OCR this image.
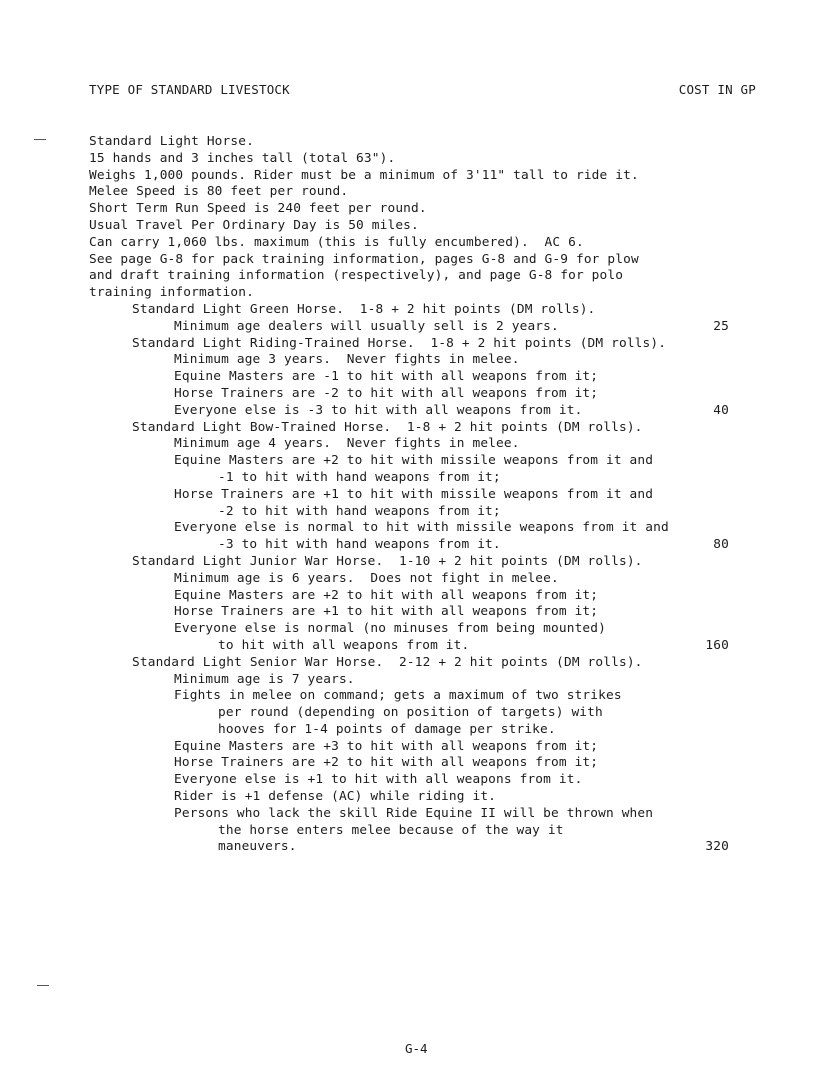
TYPE OF STANDARD LIVESTOCK	COST IN GP
Standard Light Horse.
15 hands and 3 inches tall (total 63").
Weighs 1,000 pounds. Rider must be a minimum of 3'11" tall to ride it.
Melee Speed is 80 feet per round.
Short Term Run Speed is 240 feet per round.
Usual Travel Per Ordinary Day is 50 miles.
Can carry 1,060 lbs. maximum (this is fully encumbered).  AC 6.
See page G-8 for pack training information, pages G-8 and G-9 for plow
and draft training information (respectively), and page G-8 for polo
training information.
Standard Light Green Horse.  1-8 + 2 hit points (DM rolls).
Minimum age dealers will usually sell is 2 years.	25
Standard Light Riding-Trained Horse.  1-8 + 2 hit points (DM rolls).
Minimum age 3 years.  Never fights in melee.
Equine Masters are -1 to hit with all weapons from it;
Horse Trainers are -2 to hit with all weapons from it;
Everyone else is -3 to hit with all weapons from it.	40
Standard Light Bow-Trained Horse.  1-8 + 2 hit points (DM rolls).
Minimum age 4 years.  Never fights in melee.
Equine Masters are +2 to hit with missile weapons from it and
-1 to hit with hand weapons from it;
Horse Trainers are +1 to hit with missile weapons from it and
-2 to hit with hand weapons from it;
Everyone else is normal to hit with missile weapons from it and
-3 to hit with hand weapons from it.	80
Standard Light Junior War Horse.  1-10 + 2 hit points (DM rolls).
Minimum age is 6 years.  Does not fight in melee.
Equine Masters are +2 to hit with all weapons from it;
Horse Trainers are +1 to hit with all weapons from it;
Everyone else is normal (no minuses from being mounted)
to hit with all weapons from it.	160
Standard Light Senior War Horse.  2-12 + 2 hit points (DM rolls).
Minimum age is 7 years.
Fights in melee on command; gets a maximum of two strikes
per round (depending on position of targets) with
hooves for 1-4 points of damage per strike.
Equine Masters are +3 to hit with all weapons from it;
Horse Trainers are +2 to hit with all weapons from it;
Everyone else is +1 to hit with all weapons from it.
Rider is +1 defense (AC) while riding it.
Persons who lack the skill Ride Equine II will be thrown when
the horse enters melee because of the way it
maneuvers.	320
G-4
